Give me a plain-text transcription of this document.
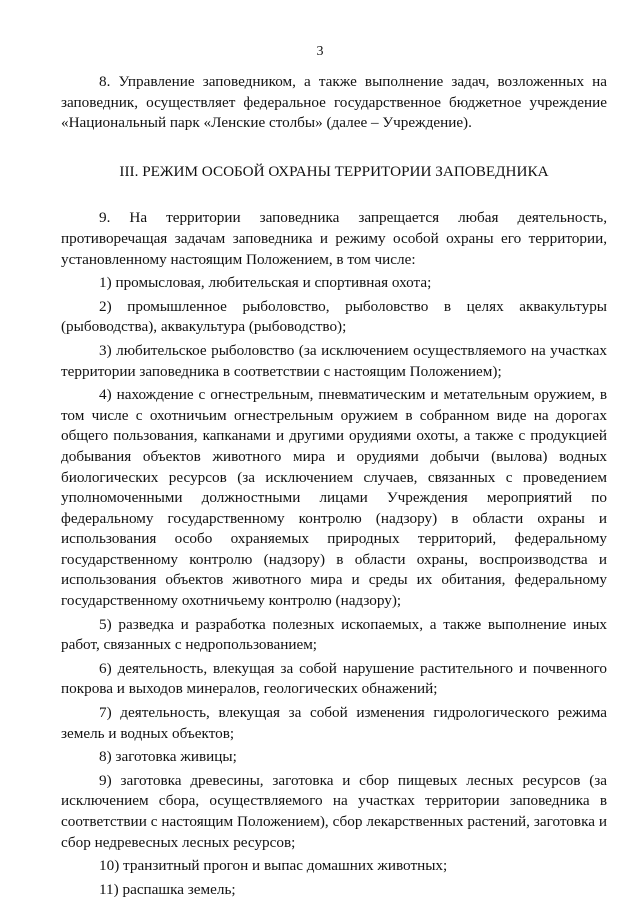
3

8. Управление заповедником, а также выполнение задач, возложенных на заповедник, осуществляет федеральное государственное бюджетное учреждение «Национальный парк «Ленские столбы» (далее – Учреждение).

III. РЕЖИМ ОСОБОЙ ОХРАНЫ ТЕРРИТОРИИ ЗАПОВЕДНИКА

9. На территории заповедника запрещается любая деятельность, противоречащая задачам заповедника и режиму особой охраны его территории, установленному настоящим Положением, в том числе:

1) промысловая, любительская и спортивная охота;

2) промышленное рыболовство, рыболовство в целях аквакультуры (рыбоводства), аквакультура (рыбоводство);

3) любительское рыболовство (за исключением осуществляемого на участках территории заповедника в соответствии с настоящим Положением);

4) нахождение с огнестрельным, пневматическим и метательным оружием, в том числе с охотничьим огнестрельным оружием в собранном виде на дорогах общего пользования, капканами и другими орудиями охоты, а также с продукцией добывания объектов животного мира и орудиями добычи (вылова) водных биологических ресурсов (за исключением случаев, связанных с проведением уполномоченными должностными лицами Учреждения мероприятий по федеральному государственному контролю (надзору) в области охраны и использования особо охраняемых природных территорий, федеральному государственному контролю (надзору) в области охраны, воспроизводства и использования объектов животного мира и среды их обитания, федеральному государственному охотничьему контролю (надзору);

5) разведка и разработка полезных ископаемых, а также выполнение иных работ, связанных с недропользованием;

6) деятельность, влекущая за собой нарушение растительного и почвенного покрова и выходов минералов, геологических обнажений;

7) деятельность, влекущая за собой изменения гидрологического режима земель и водных объектов;

8) заготовка живицы;

9) заготовка древесины, заготовка и сбор пищевых лесных ресурсов (за исключением сбора, осуществляемого на участках территории заповедника в соответствии с настоящим Положением), сбор лекарственных растений, заготовка и сбор недревесных лесных ресурсов;

10) транзитный прогон и выпас домашних животных;

11) распашка земель;
